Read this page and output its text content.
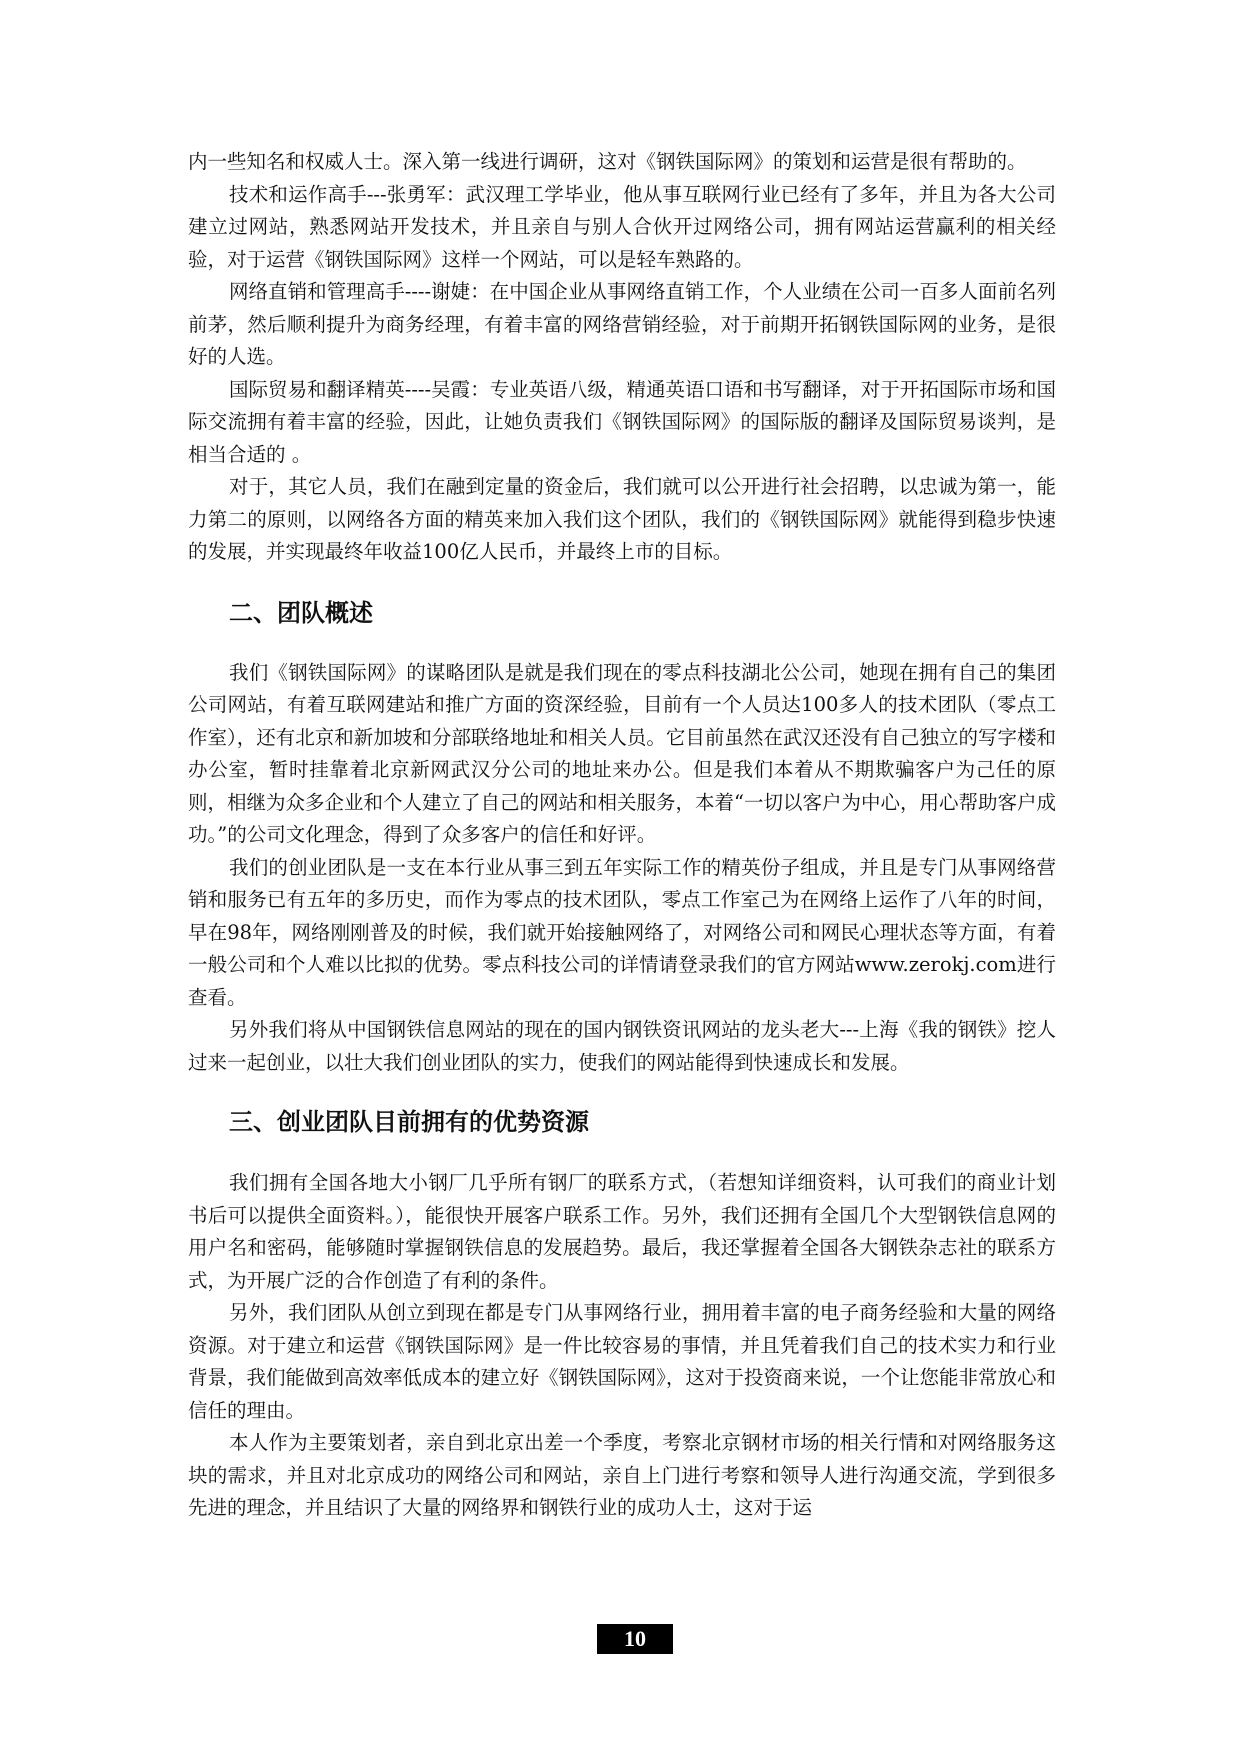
内一些知名和权威人士。深入第一线进行调研，这对《钢铁国际网》的策划和运营是很有帮助的。

技术和运作高手---张勇军：武汉理工学毕业，他从事互联网行业已经有了多年，并且为各大公司建立过网站，熟悉网站开发技术，并且亲自与别人合伙开过网络公司，拥有网站运营赢利的相关经验，对于运营《钢铁国际网》这样一个网站，可以是轻车熟路的。

网络直销和管理高手----谢婕：在中国企业从事网络直销工作，个人业绩在公司一百多人面前名列前茅，然后顺利提升为商务经理，有着丰富的网络营销经验，对于前期开拓钢铁国际网的业务，是很好的人选。

国际贸易和翻译精英----吴霞：专业英语八级，精通英语口语和书写翻译，对于开拓国际市场和国际交流拥有着丰富的经验，因此，让她负责我们《钢铁国际网》的国际版的翻译及国际贸易谈判，是相当合适的 。

对于，其它人员，我们在融到定量的资金后，我们就可以公开进行社会招聘，以忠诚为第一，能力第二的原则，以网络各方面的精英来加入我们这个团队，我们的《钢铁国际网》就能得到稳步快速的发展，并实现最终年收益100亿人民币，并最终上市的目标。

二、团队概述

我们《钢铁国际网》的谋略团队是就是我们现在的零点科技湖北公公司，她现在拥有自己的集团公司网站，有着互联网建站和推广方面的资深经验，目前有一个人员达100多人的技术团队（零点工作室），还有北京和新加坡和分部联络地址和相关人员。它目前虽然在武汉还没有自己独立的写字楼和办公室，暂时挂靠着北京新网武汉分公司的地址来办公。但是我们本着从不期欺骗客户为己任的原则，相继为众多企业和个人建立了自己的网站和相关服务，本着“一切以客户为中心，用心帮助客户成功。”的公司文化理念，得到了众多客户的信任和好评。

我们的创业团队是一支在本行业从事三到五年实际工作的精英份子组成，并且是专门从事网络营销和服务已有五年的多历史，而作为零点的技术团队，零点工作室己为在网络上运作了八年的时间，早在98年，网络刚刚普及的时候，我们就开始接触网络了，对网络公司和网民心理状态等方面，有着一般公司和个人难以比拟的优势。零点科技公司的详情请登录我们的官方网站www.zerokj.com进行查看。

另外我们将从中国钢铁信息网站的现在的国内钢铁资讯网站的龙头老大---上海《我的钢铁》挖人过来一起创业，以壮大我们创业团队的实力，使我们的网站能得到快速成长和发展。

三、创业团队目前拥有的优势资源

我们拥有全国各地大小钢厂几乎所有钢厂的联系方式，（若想知详细资料，认可我们的商业计划书后可以提供全面资料。），能很快开展客户联系工作。另外，我们还拥有全国几个大型钢铁信息网的用户名和密码，能够随时掌握钢铁信息的发展趋势。最后，我还掌握着全国各大钢铁杂志社的联系方式，为开展广泛的合作创造了有利的条件。

另外，我们团队从创立到现在都是专门从事网络行业，拥用着丰富的电子商务经验和大量的网络资源。对于建立和运营《钢铁国际网》是一件比较容易的事情，并且凭着我们自己的技术实力和行业背景，我们能做到高效率低成本的建立好《钢铁国际网》，这对于投资商来说，一个让您能非常放心和信任的理由。

本人作为主要策划者，亲自到北京出差一个季度，考察北京钢材市场的相关行情和对网络服务这块的需求，并且对北京成功的网络公司和网站，亲自上门进行考察和领导人进行沟通交流，学到很多先进的理念，并且结识了大量的网络界和钢铁行业的成功人士，这对于运

10
